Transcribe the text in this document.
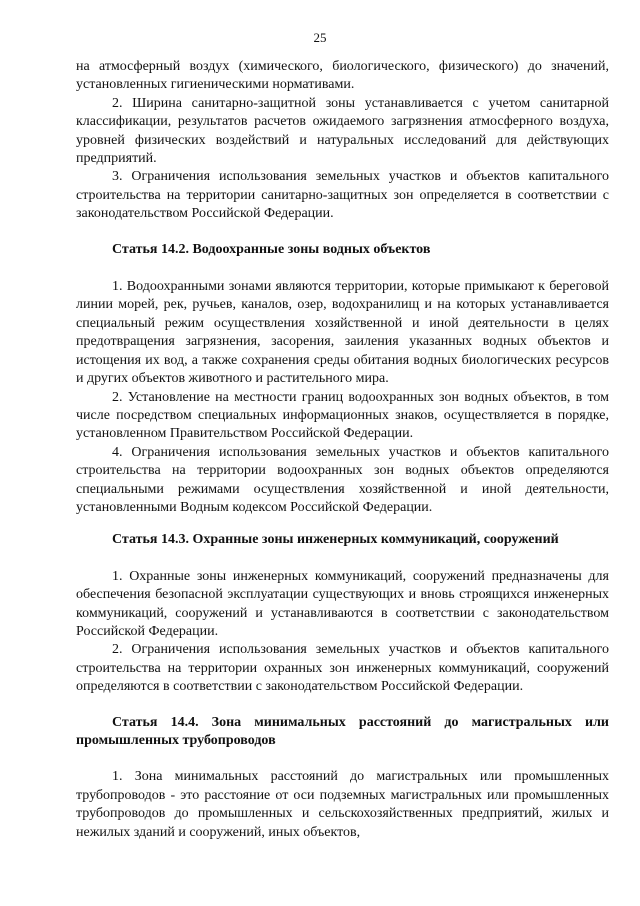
25

на атмосферный воздух (химического, биологического, физического) до значений, установленных гигиеническими нормативами.

2. Ширина санитарно-защитной зоны устанавливается с учетом санитарной классификации, результатов расчетов ожидаемого загрязнения атмосферного воздуха, уровней физических воздействий и натуральных исследований для действующих предприятий.

3. Ограничения использования земельных участков и объектов капитального строительства на территории санитарно-защитных зон определяется в соответствии с законодательством Российской Федерации.

Статья 14.2. Водоохранные зоны водных объектов

1. Водоохранными зонами являются территории, которые примыкают к береговой линии морей, рек, ручьев, каналов, озер, водохранилищ и на которых устанавливается специальный режим осуществления хозяйственной и иной деятельности в целях предотвращения загрязнения, засорения, заиления указанных водных объектов и истощения их вод, а также сохранения среды обитания водных биологических ресурсов и других объектов животного и растительного мира.

2. Установление на местности границ водоохранных зон водных объектов, в том числе посредством специальных информационных знаков, осуществляется в порядке, установленном Правительством Российской Федерации.

4. Ограничения использования земельных участков и объектов капитального строительства на территории водоохранных зон водных объектов определяются специальными режимами осуществления хозяйственной и иной деятельности, установленными Водным кодексом Российской Федерации.

Статья 14.3. Охранные зоны инженерных коммуникаций, сооружений

1. Охранные зоны инженерных коммуникаций, сооружений предназначены для обеспечения безопасной эксплуатации существующих и вновь строящихся инженерных коммуникаций, сооружений и устанавливаются в соответствии с законодательством Российской Федерации.

2. Ограничения использования земельных участков и объектов капитального строительства на территории охранных зон инженерных коммуникаций, сооружений определяются в соответствии с законодательством Российской Федерации.

Статья 14.4. Зона минимальных расстояний до магистральных или промышленных трубопроводов

1. Зона минимальных расстояний до магистральных или промышленных трубопроводов - это расстояние от оси подземных магистральных или промышленных трубопроводов до промышленных и сельскохозяйственных предприятий, жилых и нежилых зданий и сооружений, иных объектов,
